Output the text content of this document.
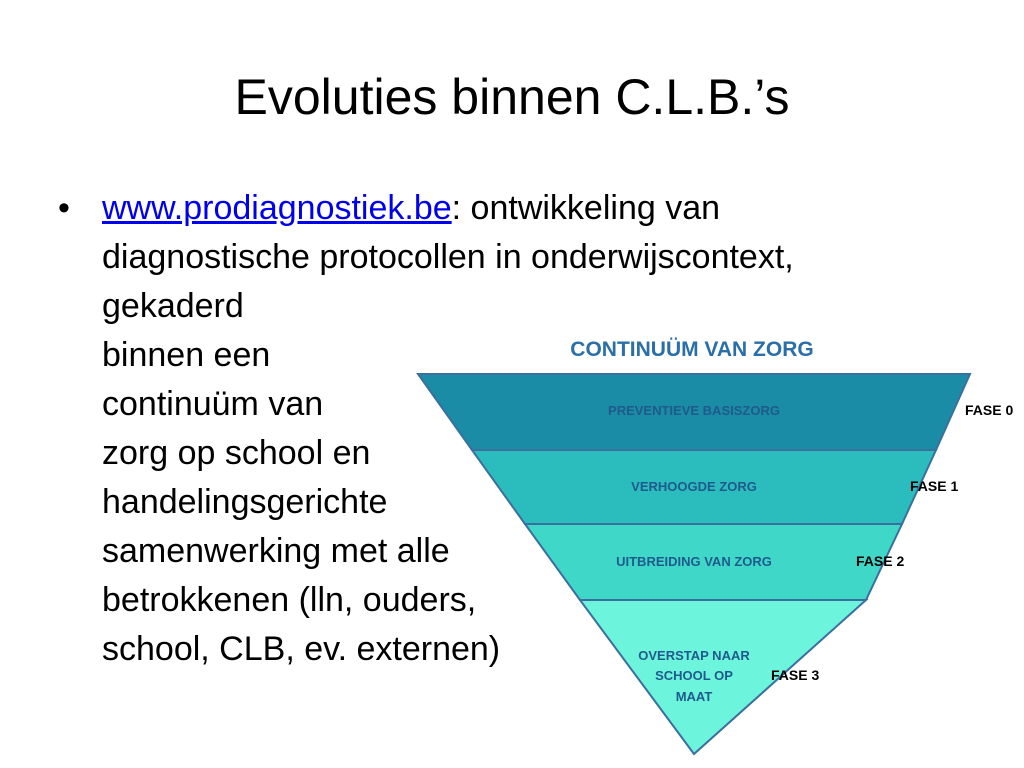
Evoluties binnen C.L.B.’s
• www.prodiagnostiek.be: ontwikkeling van
diagnostische protocollen in onderwijscontext,
gekaderd
binnen een
continuüm van
zorg op school en
handelingsgerichte
samenwerking met alle
betrokkenen (lln, ouders,
school, CLB, ev. externen)
CONTINUÜM VAN ZORG
PREVENTIEVE BASISZORG	FASE 0
VERHOOGDE ZORG	FASE 1
UITBREIDING VAN ZORG	FASE 2
OVERSTAP NAAR
SCHOOL OP
MAAT
FASE 3
